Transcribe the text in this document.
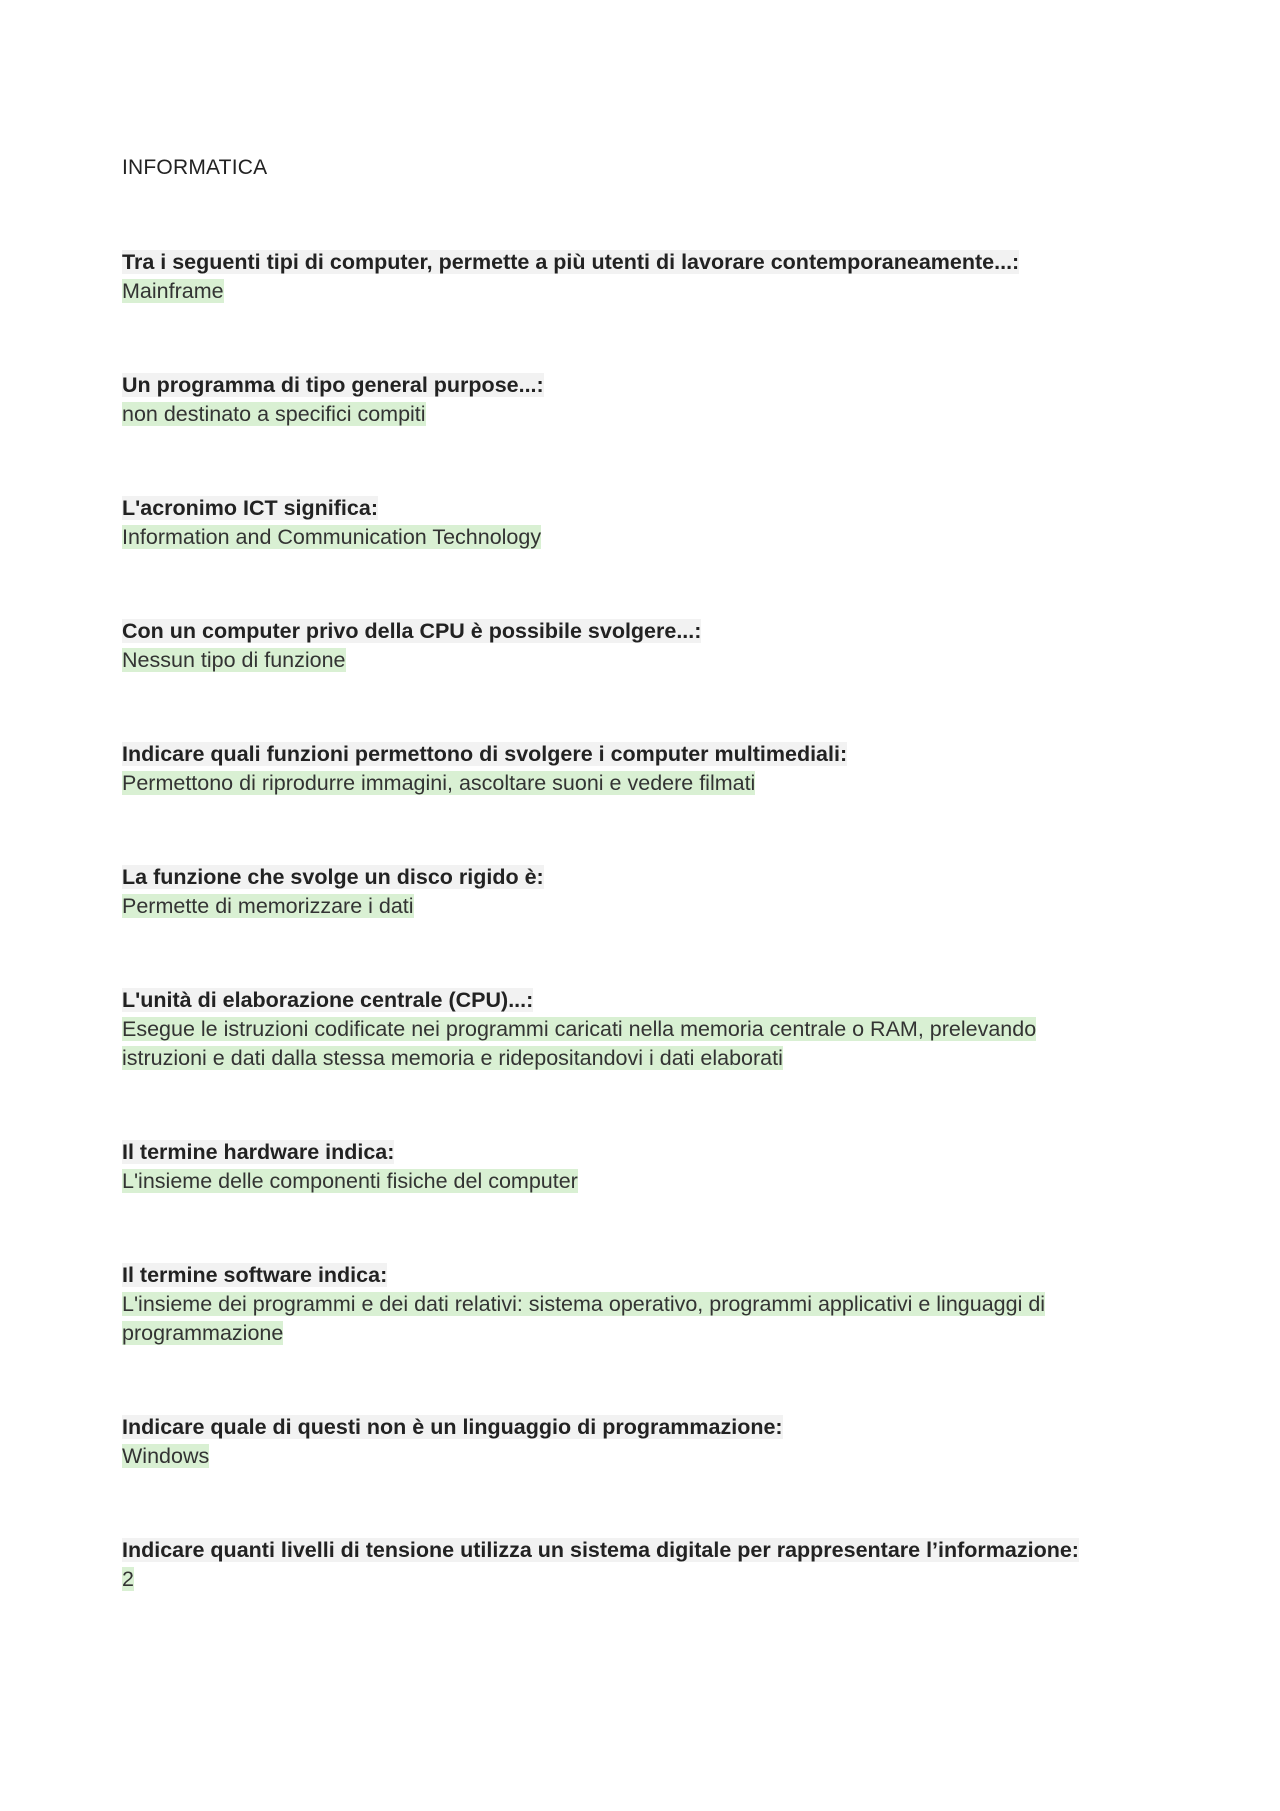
INFORMATICA

Tra i seguenti tipi di computer, permette a più utenti di lavorare contemporaneamente...:

Mainframe

Un programma di tipo general purpose...:

non destinato a specifici compiti

L'acronimo ICT significa:

Information and Communication Technology

Con un computer privo della CPU è possibile svolgere...:

Nessun tipo di funzione

Indicare quali funzioni permettono di svolgere i computer multimediali:

Permettono di riprodurre immagini, ascoltare suoni e vedere filmati

La funzione che svolge un disco rigido è:

Permette di memorizzare i dati

L'unità di elaborazione centrale (CPU)...:

Esegue le istruzioni codificate nei programmi caricati nella memoria centrale o RAM, prelevando

istruzioni e dati dalla stessa memoria e ridepositandovi i dati elaborati

Il termine hardware indica:

L'insieme delle componenti fisiche del computer

Il termine software indica:

L'insieme dei programmi e dei dati relativi: sistema operativo, programmi applicativi e linguaggi di

programmazione

Indicare quale di questi non è un linguaggio di programmazione:

Windows

Indicare quanti livelli di tensione utilizza un sistema digitale per rappresentare l’informazione:

2
